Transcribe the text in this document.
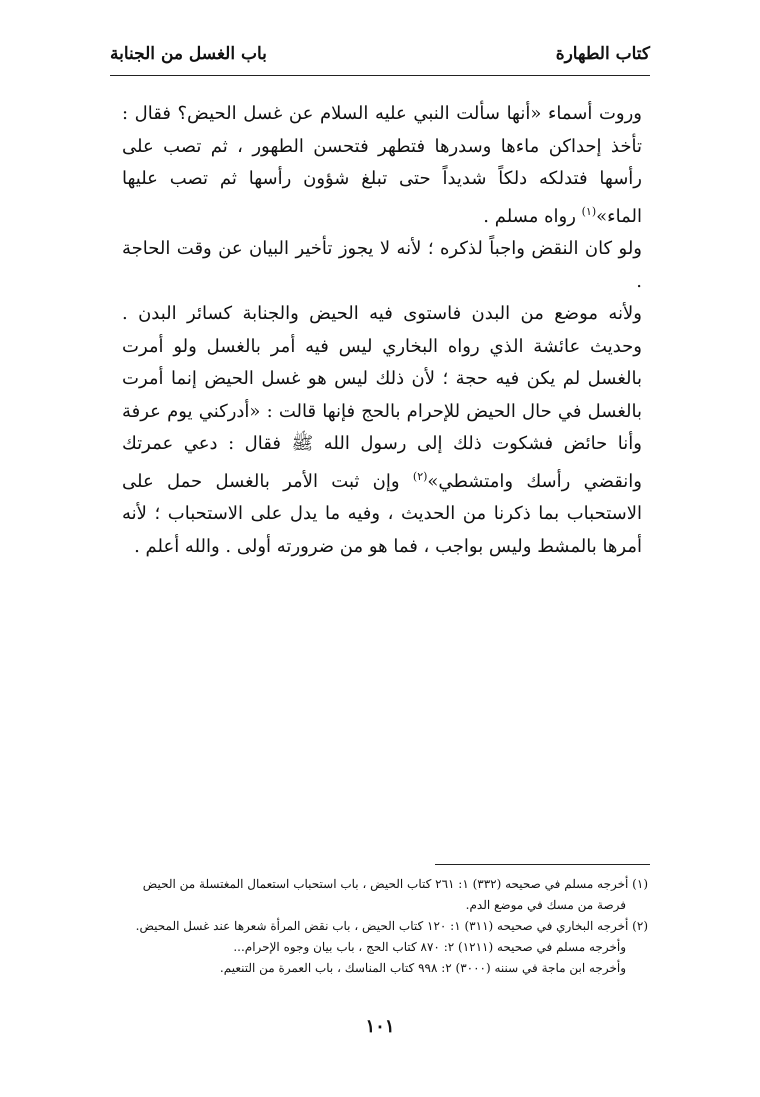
كتاب الطهارة
باب الغسل من الجنابة

وروت أسماء «أنها سألت النبي عليه السلام عن غسل الحيض؟ فقال : تأخذ إحداكن ماءها وسدرها فتطهر فتحسن الطهور ، ثم تصب على رأسها فتدلكه دلكاً شديداً حتى تبلغ شؤون رأسها ثم تصب عليها الماء»$^{(١)}$ رواه مسلم .

ولو كان النقض واجباً لذكره ؛ لأنه لا يجوز تأخير البيان عن وقت الحاجة .

ولأنه موضع من البدن فاستوى فيه الحيض والجنابة كسائر البدن . وحديث عائشة الذي رواه البخاري ليس فيه أمر بالغسل ولو أمرت بالغسل لم يكن فيه حجة ؛ لأن ذلك ليس هو غسل الحيض إنما أمرت بالغسل في حال الحيض للإحرام بالحج فإنها قالت : «أدركني يوم عرفة وأنا حائض فشكوت ذلك إلى رسول الله ﷺ فقال : دعي عمرتك وانقضي رأسك وامتشطي»$^{(٢)}$ وإن ثبت الأمر بالغسل حمل على الاستحباب بما ذكرنا من الحديث ، وفيه ما يدل على الاستحباب ؛ لأنه أمرها بالمشط وليس بواجب ، فما هو من ضرورته أولى . والله أعلم .

(١) أخرجه مسلم في صحيحه (٣٣٢) ١: ٢٦١ كتاب الحيض ، باب استحباب استعمال المغتسلة من الحيض

فرصة من مسك في موضع الدم.

(٢) أخرجه البخاري في صحيحه (٣١١) ١: ١٢٠ كتاب الحيض ، باب نقض المرأة شعرها عند غسل المحيض.

وأخرجه مسلم في صحيحه (١٢١١) ٢: ٨٧٠ كتاب الحج ، باب بيان وجوه الإحرام...

وأخرجه ابن ماجة في سننه (٣٠٠٠) ٢: ٩٩٨ كتاب المناسك ، باب العمرة من التنعيم.

١٠١
